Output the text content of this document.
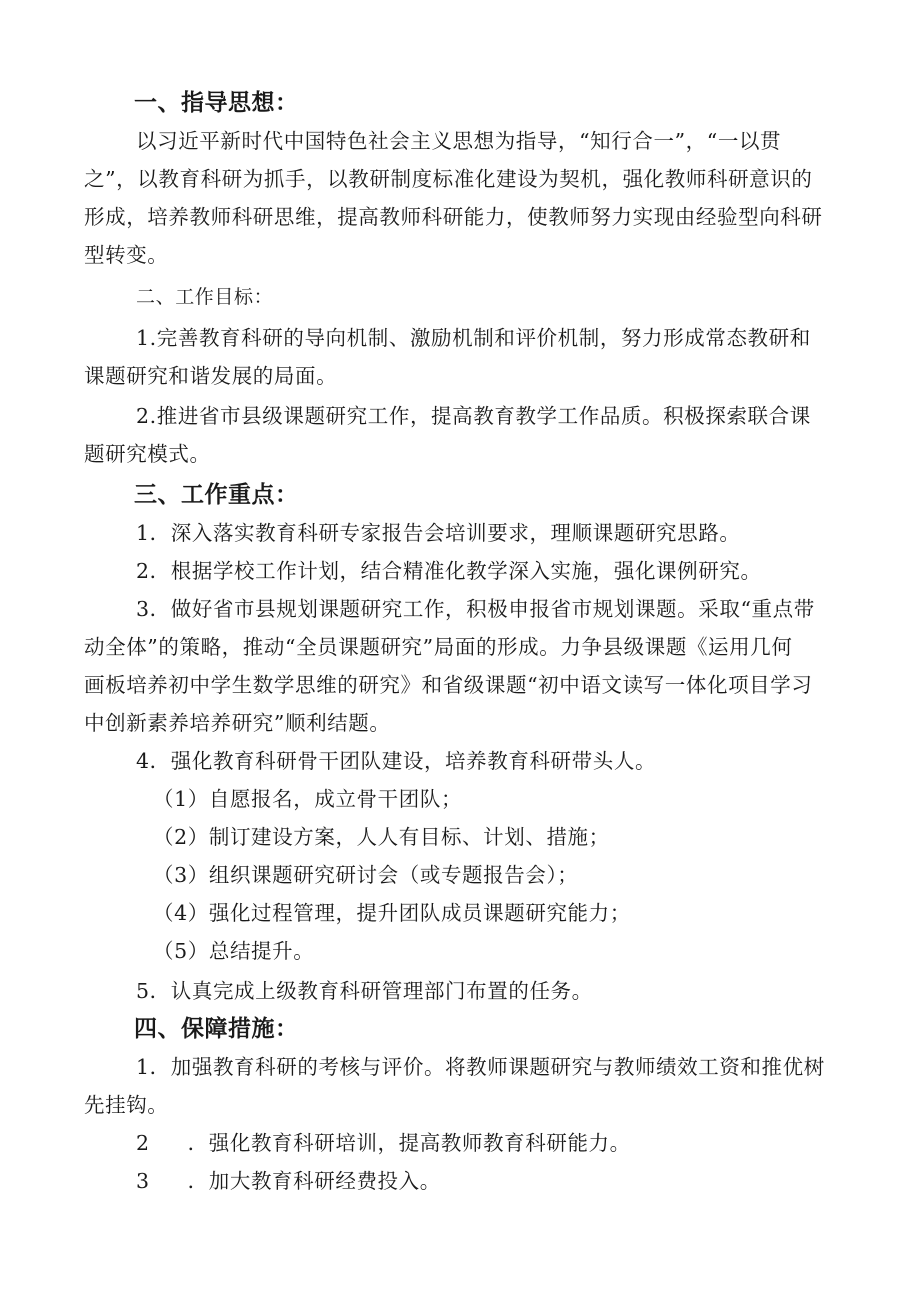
一、指导思想：
以习近平新时代中国特色社会主义思想为指导，“知行合一”，“一以贯
之”，以教育科研为抓手，以教研制度标准化建设为契机，强化教师科研意识的
形成，培养教师科研思维，提高教师科研能力，使教师努力实现由经验型向科研
型转变。
二、工作目标：
1.完善教育科研的导向机制、激励机制和评价机制，努力形成常态教研和
课题研究和谐发展的局面。
2.推进省市县级课题研究工作，提高教育教学工作品质。积极探索联合课
题研究模式。
三、工作重点：
1．深入落实教育科研专家报告会培训要求，理顺课题研究思路。
2．根据学校工作计划，结合精准化教学深入实施，强化课例研究。
3．做好省市县规划课题研究工作，积极申报省市规划课题。采取“重点带
动全体”的策略，推动“全员课题研究”局面的形成。力争县级课题《运用几何
画板培养初中学生数学思维的研究》和省级课题“初中语文读写一体化项目学习
中创新素养培养研究”顺利结题。
4．强化教育科研骨干团队建设，培养教育科研带头人。
（1）自愿报名，成立骨干团队；
（2）制订建设方案，人人有目标、计划、措施；
（3）组织课题研究研讨会（或专题报告会）；
（4）强化过程管理，提升团队成员课题研究能力；
（5）总结提升。
5．认真完成上级教育科研管理部门布置的任务。
四、保障措施：
1．加强教育科研的考核与评价。将教师课题研究与教师绩效工资和推优树
先挂钩。
2 ．强化教育科研培训，提高教师教育科研能力。
3 ．加大教育科研经费投入。
